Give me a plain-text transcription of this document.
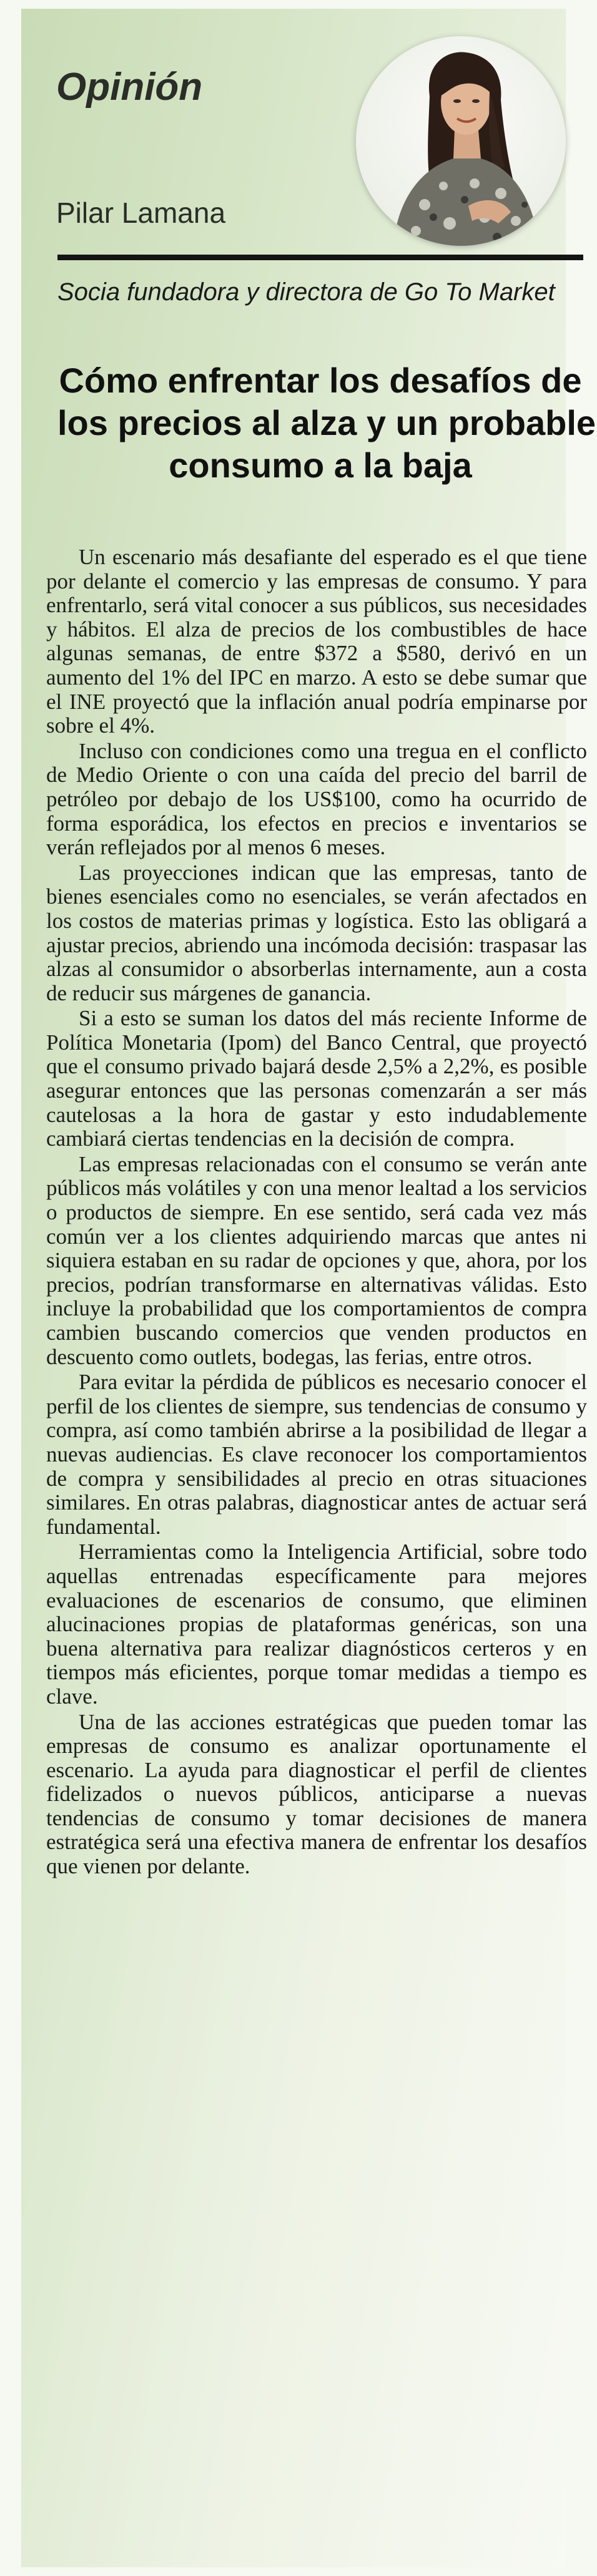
Opinión
Pilar Lamana
Socia fundadora y directora de Go To Market
Cómo enfrentar los desafíos de
los precios al alza y un probable
consumo a la baja

Un escenario más desafiante del esperado es el que tiene por delante el comercio y las empresas de consumo. Y para enfrentarlo, será vital conocer a sus públicos, sus necesidades y hábitos. El alza de precios de los combustibles de hace algunas semanas, de entre $372 a $580, derivó en un aumento del 1% del IPC en marzo. A esto se debe sumar que el INE proyectó que la inflación anual podría empinarse por sobre el 4%.

Incluso con condiciones como una tregua en el conflicto de Medio Oriente o con una caída del precio del barril de petróleo por debajo de los US$100, como ha ocurrido de forma esporádica, los efectos en precios e inventarios se verán reflejados por al menos 6 meses.

Las proyecciones indican que las empresas, tanto de bienes esenciales como no esenciales, se verán afectados en los costos de materias primas y logística. Esto las obligará a ajustar precios, abriendo una incómoda decisión: traspasar las alzas al consumidor o absorberlas internamente, aun a costa de reducir sus márgenes de ganancia.

Si a esto se suman los datos del más reciente Informe de Política Monetaria (Ipom) del Banco Central, que proyectó que el consumo privado bajará desde 2,5% a 2,2%, es posible asegurar entonces que las personas comenzarán a ser más cautelosas a la hora de gastar y esto indudablemente cambiará ciertas tendencias en la decisión de compra.

Las empresas relacionadas con el consumo se verán ante públicos más volátiles y con una menor lealtad a los servicios o productos de siempre. En ese sentido, será cada vez más común ver a los clientes adquiriendo marcas que antes ni siquiera estaban en su radar de opciones y que, ahora, por los precios, podrían transformarse en alternativas válidas. Esto incluye la probabilidad que los comportamientos de compra cambien buscando comercios que venden productos en descuento como outlets, bodegas, las ferias, entre otros.

Para evitar la pérdida de públicos es necesario conocer el perfil de los clientes de siempre, sus tendencias de consumo y compra, así como también abrirse a la posibilidad de llegar a nuevas audiencias. Es clave reconocer los comportamientos de compra y sensibilidades al precio en otras situaciones similares. En otras palabras, diagnosticar antes de actuar será fundamental.

Herramientas como la Inteligencia Artificial, sobre todo aquellas entrenadas específicamente para mejores evaluaciones de escenarios de consumo, que eliminen alucinaciones propias de plataformas genéricas, son una buena alternativa para realizar diagnósticos certeros y en tiempos más eficientes, porque tomar medidas a tiempo es clave.

Una de las acciones estratégicas que pueden tomar las empresas de consumo es analizar oportunamente el escenario. La ayuda para diagnosticar el perfil de clientes fidelizados o nuevos públicos, anticiparse a nuevas tendencias de consumo y tomar decisiones de manera estratégica será una efectiva manera de enfrentar los desafíos que vienen por delante.
